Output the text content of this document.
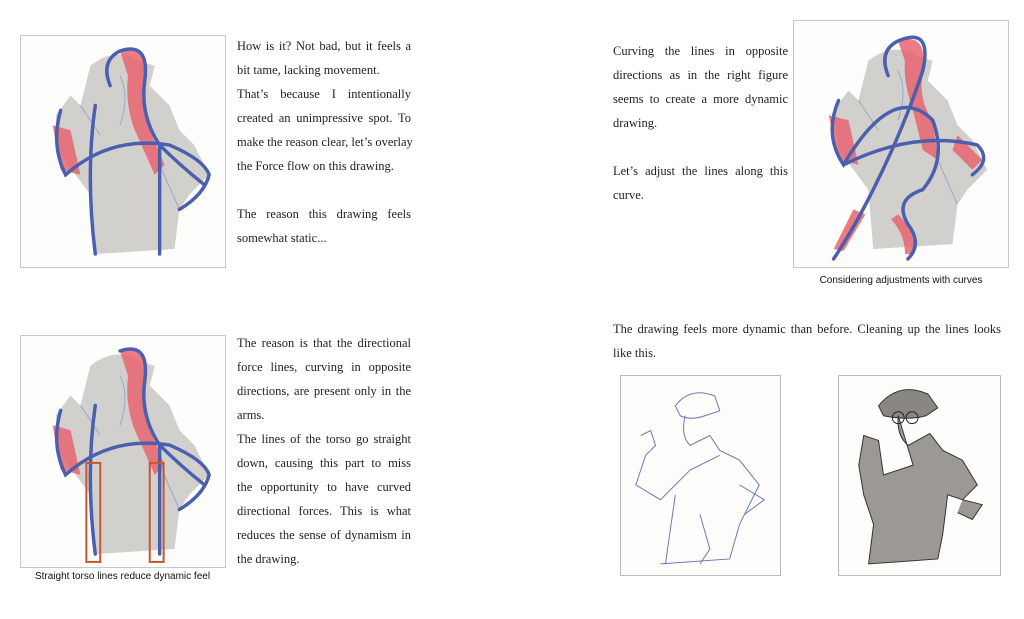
How is it? Not bad, but it feels a
bit tame, lacking movement.
That’s because I intentionally
created an unimpressive spot. To
make the reason clear, let’s overlay
the Force flow on this drawing.
The reason this drawing feels
somewhat static...
Straight torso lines reduce dynamic feel
The reason is that the directional
force lines, curving in opposite
directions, are present only in the
arms.
The lines of the torso go straight
down, causing this part to miss
the opportunity to have curved
directional forces. This is what
reduces the sense of dynamism in
the drawing.
Curving the lines in opposite
directions as in the right figure
seems to create a more dynamic
drawing.
Let’s adjust the lines along this
curve.
Considering adjustments with curves
The drawing feels more dynamic than before. Cleaning up the lines looks
like this.
